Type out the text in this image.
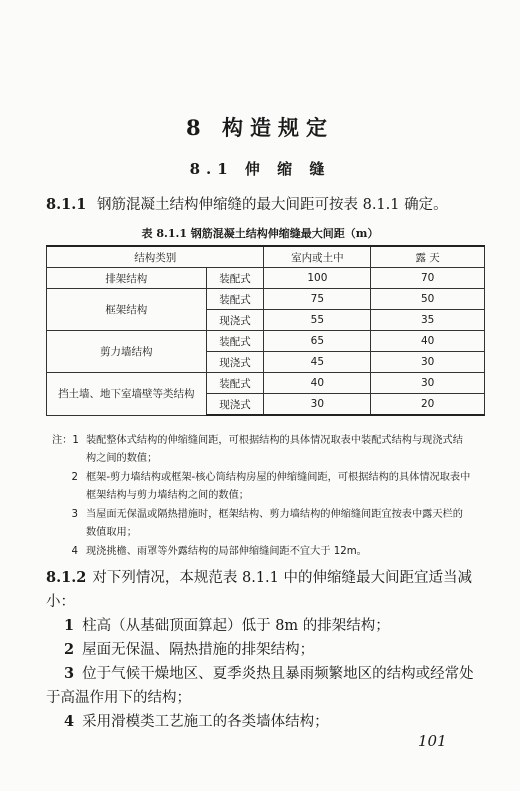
8 构造规定
8.1 伸 缩 缝
8.1.1 钢筋混凝土结构伸缩缝的最大间距可按表 8.1.1 确定。
表 8.1.1 钢筋混凝土结构伸缩缝最大间距（m）
结构类别		室内或土中	露 天
排架结构	装配式	100	70
框架结构	装配式	75	50
	现浇式	55	35
剪力墙结构	装配式	65	40
	现浇式	45	30
挡土墙、地下室墙壁等类结构	装配式	40	30
	现浇式	30	20
注：1 装配整体式结构的伸缩缝间距，可根据结构的具体情况取表中装配式结构与现浇式结构之间的数值；
2 框架-剪力墙结构或框架-核心筒结构房屋的伸缩缝间距，可根据结构的具体情况取表中框架结构与剪力墙结构之间的数值；
3 当屋面无保温或隔热措施时，框架结构、剪力墙结构的伸缩缝间距宜按表中露天栏的数值取用；
4 现浇挑檐、雨罩等外露结构的局部伸缩缝间距不宜大于 12m。
8.1.2 对下列情况，本规范表 8.1.1 中的伸缩缝最大间距宜适当减小：
1 柱高（从基础顶面算起）低于 8m 的排架结构；
2 屋面无保温、隔热措施的排架结构；
3 位于气候干燥地区、夏季炎热且暴雨频繁地区的结构或经常处于高温作用下的结构；
4 采用滑模类工艺施工的各类墙体结构；
101
